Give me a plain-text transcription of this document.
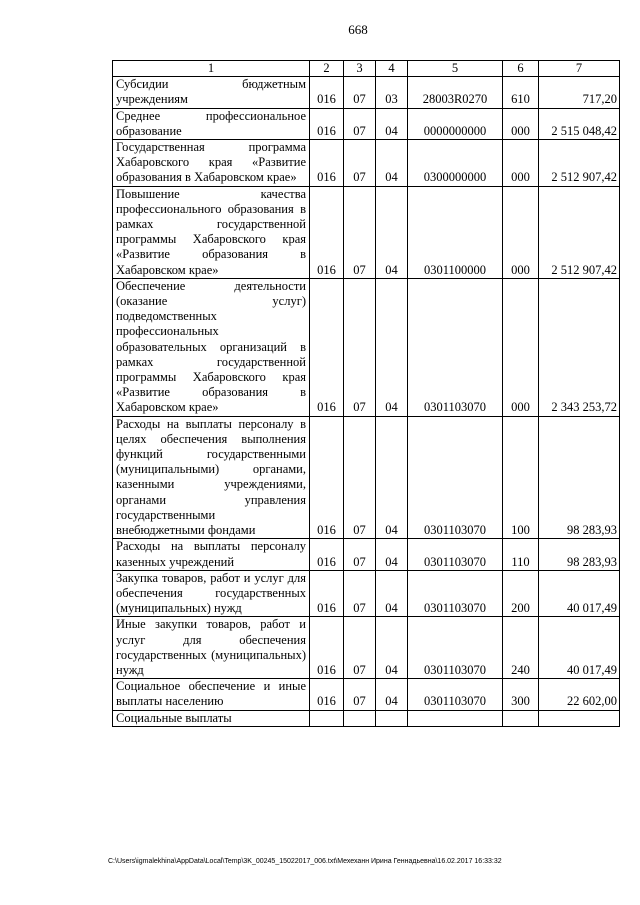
668
1	2	3	4	5	6	7
Субсидии бюджетным учреждениям	016	07	03	28003R0270	610	717,20
Среднее профессиональное образование	016	07	04	0000000000	000	2 515 048,42
Государственная программа Хабаровского края «Развитие образования в Хабаровском крае»	016	07	04	0300000000	000	2 512 907,42
Повышение качества профессионального образования в рамках государственной программы Хабаровского края «Развитие образования в Хабаровском крае»	016	07	04	0301100000	000	2 512 907,42
Обеспечение деятельности (оказание услуг) подведомственных профессиональных образовательных организаций в рамках государственной программы Хабаровского края «Развитие образования в Хабаровском крае»	016	07	04	0301103070	000	2 343 253,72
Расходы на выплаты персоналу в целях обеспечения выполнения функций государственными (муниципальными) органами, казенными учреждениями, органами управления государственными внебюджетными фондами	016	07	04	0301103070	100	98 283,93
Расходы на выплаты персоналу казенных учреждений	016	07	04	0301103070	110	98 283,93
Закупка товаров, работ и услуг для обеспечения государственных (муниципальных) нужд	016	07	04	0301103070	200	40 017,49
Иные закупки товаров, работ и услуг для обеспечения государственных (муниципальных) нужд	016	07	04	0301103070	240	40 017,49
Социальное обеспечение и иные выплаты населению	016	07	04	0301103070	300	22 602,00
Социальные выплаты						
C:\Users\igmalekhina\AppData\Local\Temp\3K_00245_15022017_006.txt\Мехеханн Ирина Геннадьевна\16.02.2017 16:33:32
